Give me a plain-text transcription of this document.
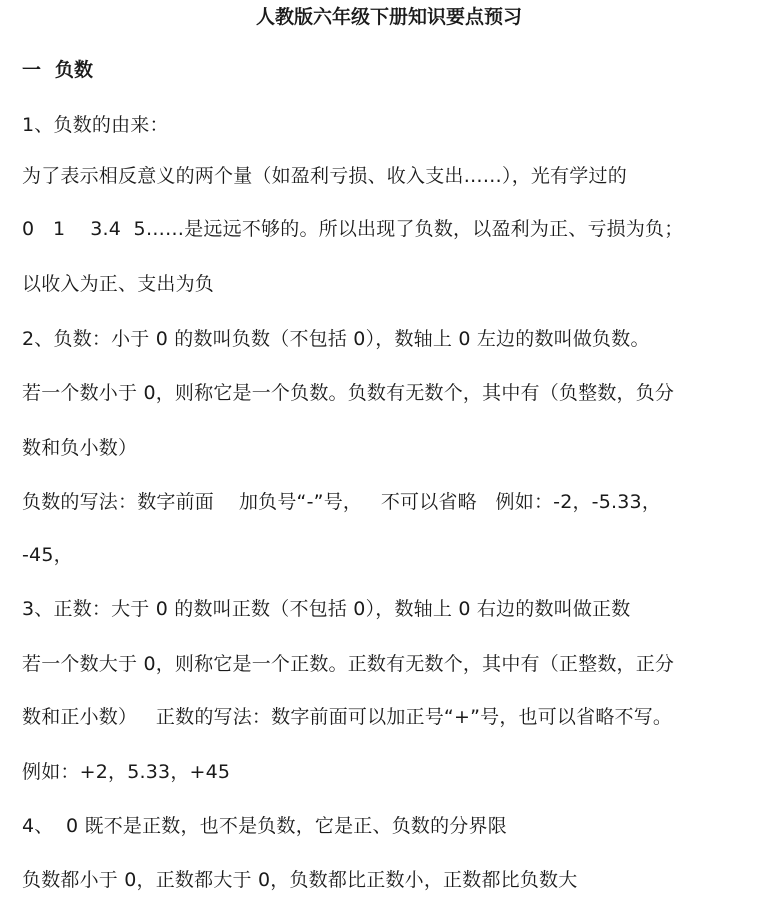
人教版六年级下册知识要点预习
一  负数
1、负数的由来：
为了表示相反意义的两个量（如盈利亏损、收入支出……），光有学过的
0   1    3.4  5……是远远不够的。所以出现了负数，以盈利为正、亏损为负；
以收入为正、支出为负
2、负数：小于 0 的数叫负数（不包括 0），数轴上 0 左边的数叫做负数。
若一个数小于 0，则称它是一个负数。负数有无数个，其中有（负整数，负分
数和负小数）
负数的写法：数字前面    加负号“-”号，   不可以省略   例如：-2，-5.33，
-45，
3、正数：大于 0 的数叫正数（不包括 0），数轴上 0 右边的数叫做正数
若一个数大于 0，则称它是一个正数。正数有无数个，其中有（正整数，正分
数和正小数）   正数的写法：数字前面可以加正号“+”号，也可以省略不写。
例如：+2，5.33，+45
4、  0 既不是正数，也不是负数，它是正、负数的分界限
负数都小于 0，正数都大于 0，负数都比正数小，正数都比负数大
